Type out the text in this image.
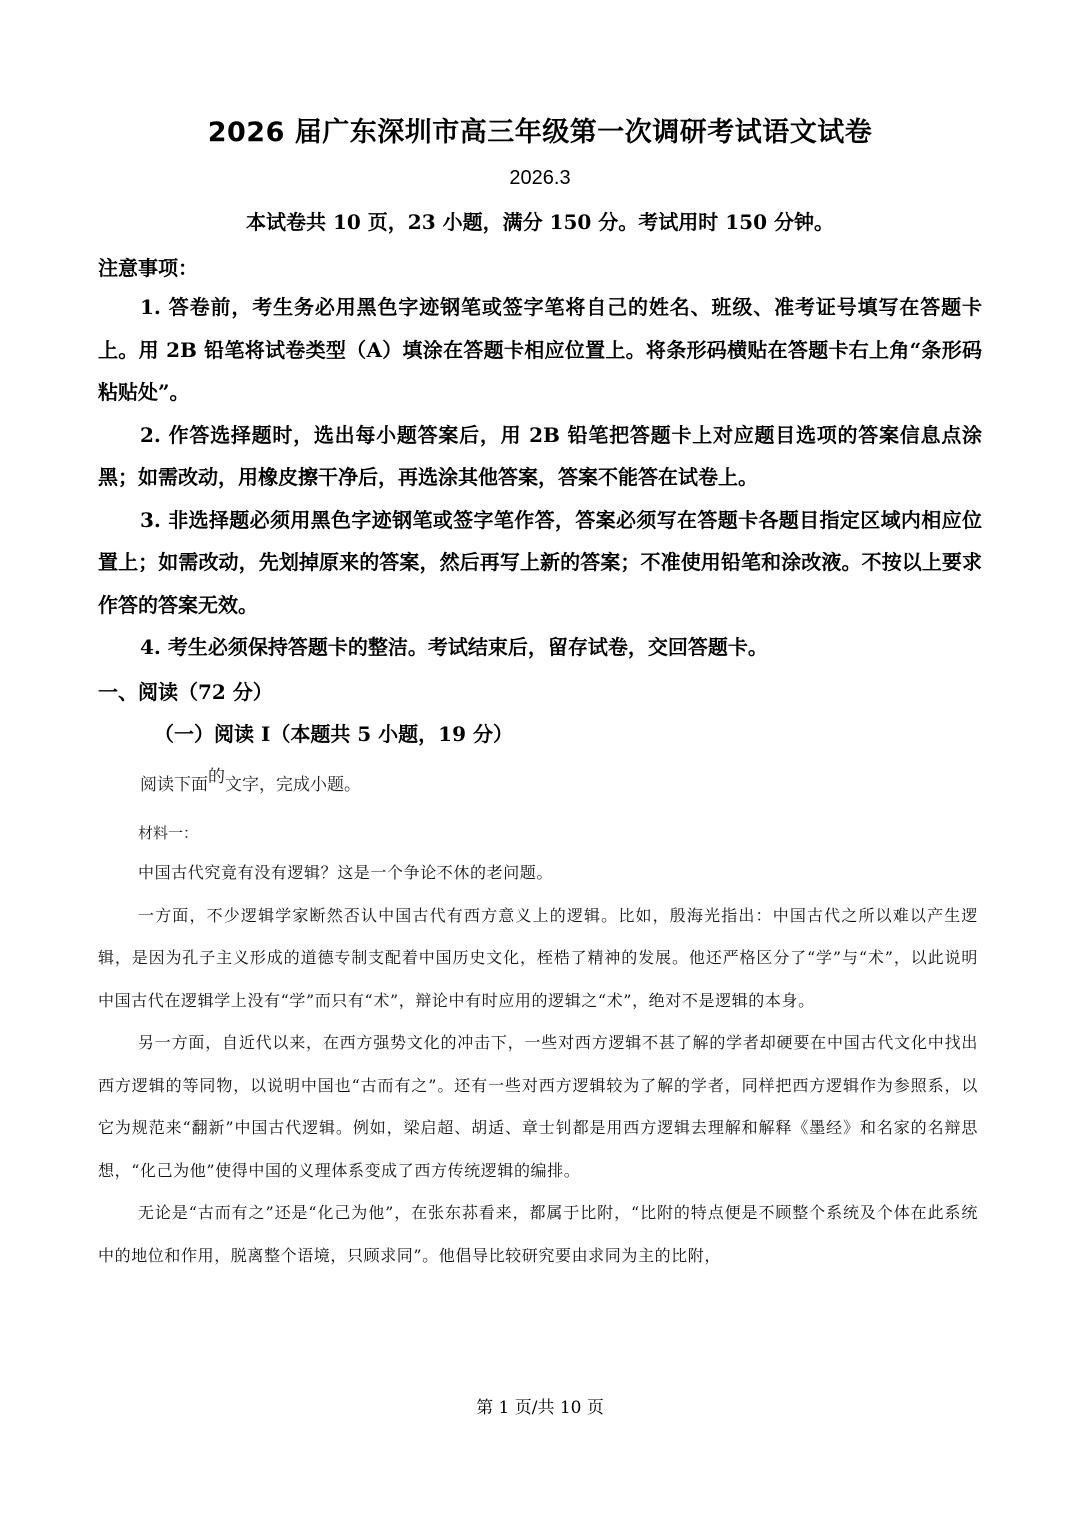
2026 届广东深圳市高三年级第一次调研考试语文试卷
2026.3
本试卷共 10 页，23 小题，满分 150 分。考试用时 150 分钟。
注意事项：

1. 答卷前，考生务必用黑色字迹钢笔或签字笔将自己的姓名、班级、准考证号填写在答题卡上。用 2B 铅笔将试卷类型（A）填涂在答题卡相应位置上。将条形码横贴在答题卡右上角“条形码粘贴处”。

2. 作答选择题时，选出每小题答案后，用 2B 铅笔把答题卡上对应题目选项的答案信息点涂黑；如需改动，用橡皮擦干净后，再选涂其他答案，答案不能答在试卷上。

3. 非选择题必须用黑色字迹钢笔或签字笔作答，答案必须写在答题卡各题目指定区域内相应位置上；如需改动，先划掉原来的答案，然后再写上新的答案；不准使用铅笔和涂改液。不按以上要求作答的答案无效。

4. 考生必须保持答题卡的整洁。考试结束后，留存试卷，交回答题卡。

一、阅读（72 分）
（一）阅读 I（本题共 5 小题，19 分）
阅读下面的文字，完成小题。
材料一：

中国古代究竟有没有逻辑？这是一个争论不休的老问题。

一方面，不少逻辑学家断然否认中国古代有西方意义上的逻辑。比如，殷海光指出：中国古代之所以难以产生逻辑，是因为孔子主义形成的道德专制支配着中国历史文化，桎梏了精神的发展。他还严格区分了“学”与“术”，以此说明中国古代在逻辑学上没有“学”而只有“术”，辩论中有时应用的逻辑之“术”，绝对不是逻辑的本身。

另一方面，自近代以来，在西方强势文化的冲击下，一些对西方逻辑不甚了解的学者却硬要在中国古代文化中找出西方逻辑的等同物，以说明中国也“古而有之”。还有一些对西方逻辑较为了解的学者，同样把西方逻辑作为参照系，以它为规范来“翻新”中国古代逻辑。例如，梁启超、胡适、章士钊都是用西方逻辑去理解和解释《墨经》和名家的名辩思想，“化己为他”使得中国的义理体系变成了西方传统逻辑的编排。

无论是“古而有之”还是“化己为他”，在张东荪看来，都属于比附，“比附的特点便是不顾整个系统及个体在此系统中的地位和作用，脱离整个语境，只顾求同”。他倡导比较研究要由求同为主的比附，

第 1 页/共 10 页
